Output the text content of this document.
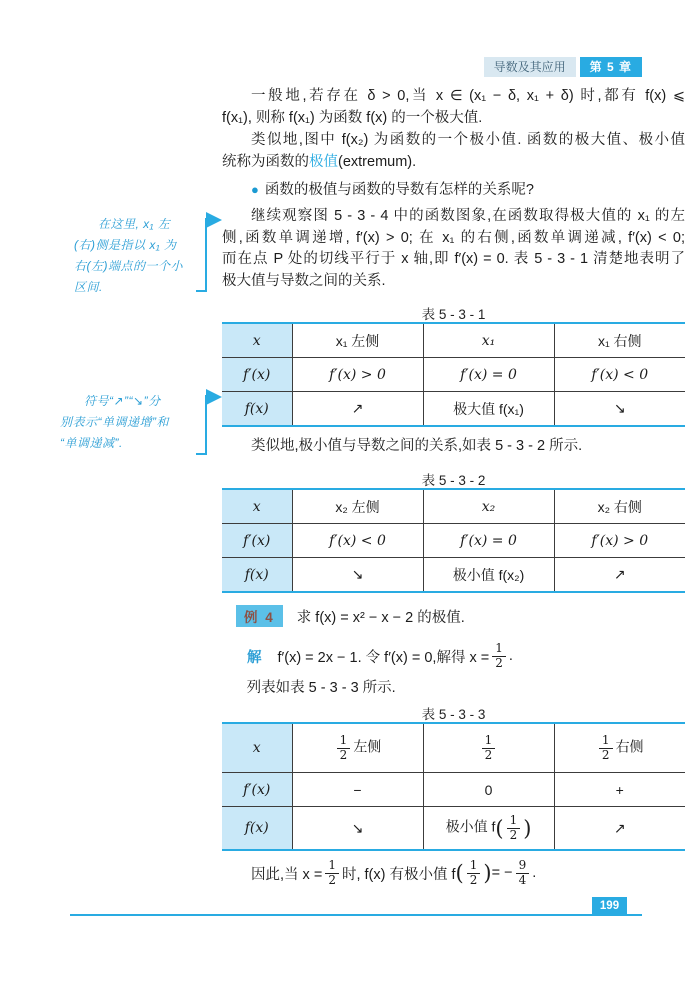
导数及其应用	第 5 章
一般地,若存在 δ > 0,当 x ∈ (x₁ − δ, x₁ + δ) 时,都有 f(x) ⩽
f(x₁), 则称 f(x₁) 为函数 f(x) 的一个极大值.
类似地,图中 f(x₂) 为函数的一个极小值. 函数的极大值、极小值
统称为函数的极值(extremum).
● 函数的极值与函数的导数有怎样的关系呢?
继续观察图 5 - 3 - 4 中的函数图象,在函数取得极大值的 x₁ 的左
侧,函数单调递增, f′(x) > 0; 在 x₁ 的右侧,函数单调递减, f′(x) < 0;
而在点 P 处的切线平行于 x 轴,即 f′(x) = 0. 表 5 - 3 - 1 清楚地表明了
极大值与导数之间的关系.
在这里, x₁ 左
(右)侧是指以 x₁ 为
右(左)端点的一个小
区间.
符号“↗”“↘”分
别表示“单调递增”和
“单调递减”.
表 5 - 3 - 1
x	x₁ 左侧	x₁	x₁ 右侧
f′(x)	f′(x) > 0	f′(x) = 0	f′(x) < 0
f(x)	↗	极大值 f(x₁)	↘
类似地,极小值与导数之间的关系,如表 5 - 3 - 2 所示.
表 5 - 3 - 2
x	x₂ 左侧	x₂	x₂ 右侧
f′(x)	f′(x) < 0	f′(x) = 0	f′(x) > 0
f(x)	↘	极小值 f(x₂)	↗
例 4	求 f(x) = x² − x − 2 的极值.
解 f′(x) = 2x − 1. 令 f′(x) = 0,解得 $x = \frac{1}{2}$ .
列表如表 5 - 3 - 3 所示.
表 5 - 3 - 3
x	$\frac{1}{2}$ 左侧	$\frac{1}{2}$	$\frac{1}{2}$ 右侧
f′(x)	−	0	+
f(x)	↘	极小值 $f( \frac{1}{2}$ )	↗
因此,当 $x = \frac{1}{2}$ 时, f(x) 有极小值 f ( $\frac{1}{2}$ ) = − $\frac{9}{4}$ .
199
